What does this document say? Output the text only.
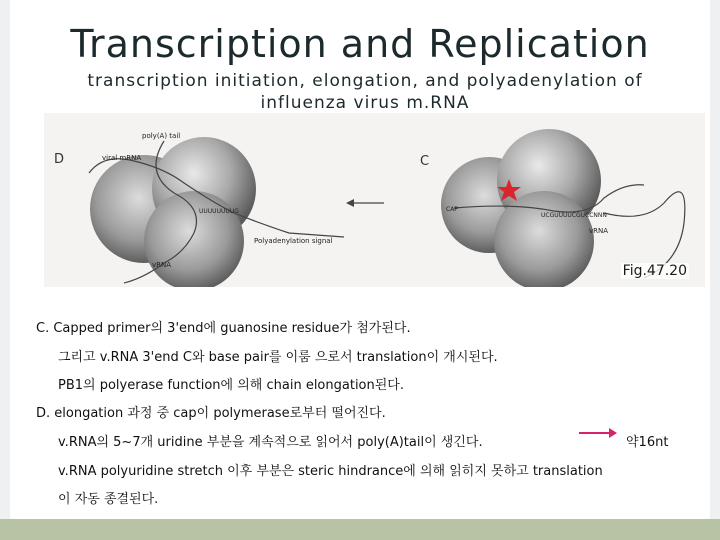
Transcription and Replication
transcription initiation, elongation, and polyadenylation of influenza virus m.RNA
D
poly(A) tail
viral mRNA
Polyadenylation signal
vRNA
UUUUUUUUG
C
CAP
UCGUUUUCGUCCNNN
vRNA
Fig.47.20
C. Capped primer의 3'end에 guanosine residue가 첨가된다.
그리고 v.RNA 3'end C와 base pair를 이룸 으로서 translation이 개시된다.
PB1의 polyerase function에 의해 chain elongation된다.
D. elongation 과정 중 cap이 polymerase로부터 떨어진다.
v.RNA의 5~7개 uridine 부분을 계속적으로 읽어서 poly(A)tail이 생긴다.	약16nt
v.RNA polyuridine stretch 이후 부분은 steric hindrance에 의해 읽히지 못하고 translation
이 자동 종결된다.
